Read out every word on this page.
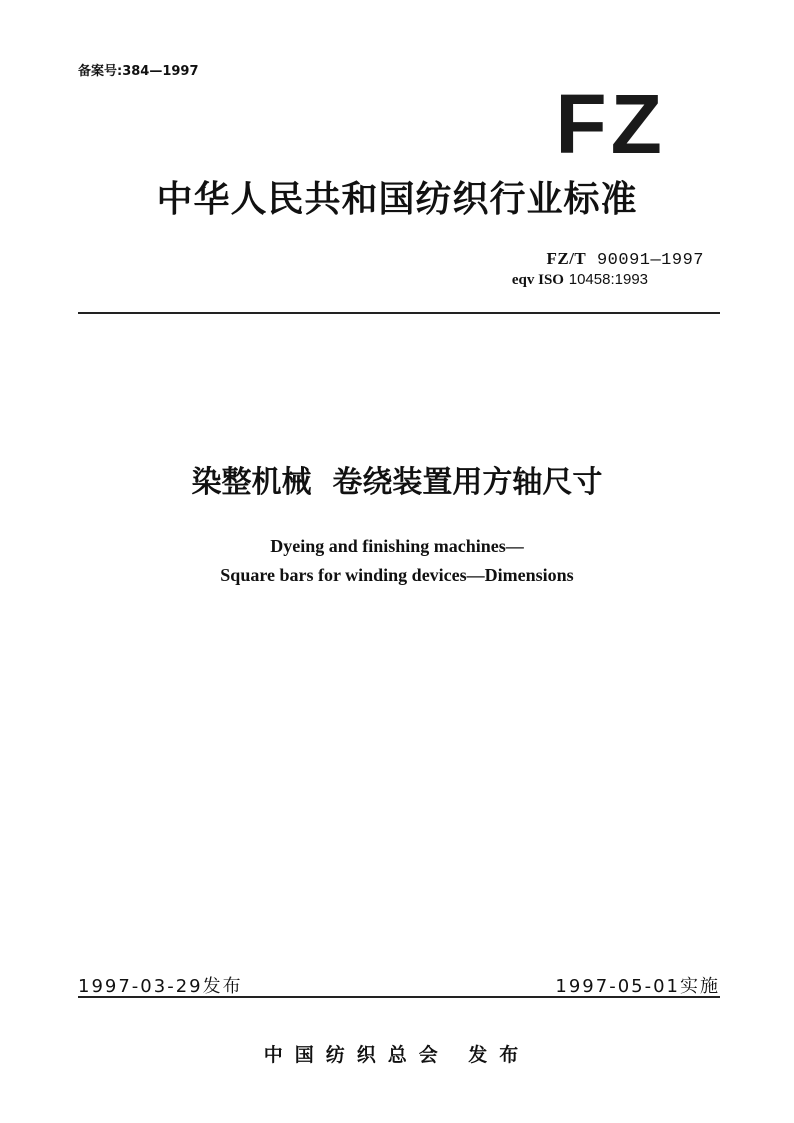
备案号:384—1997
FZ
中华人民共和国纺织行业标准
FZ/T 90091—1997
eqv ISO 10458:1993
染整机械  卷绕装置用方轴尺寸
Dyeing and finishing machines—
Square bars for winding devices—Dimensions
1997-03-29发布	1997-05-01实施
中国纺织总会 发布
